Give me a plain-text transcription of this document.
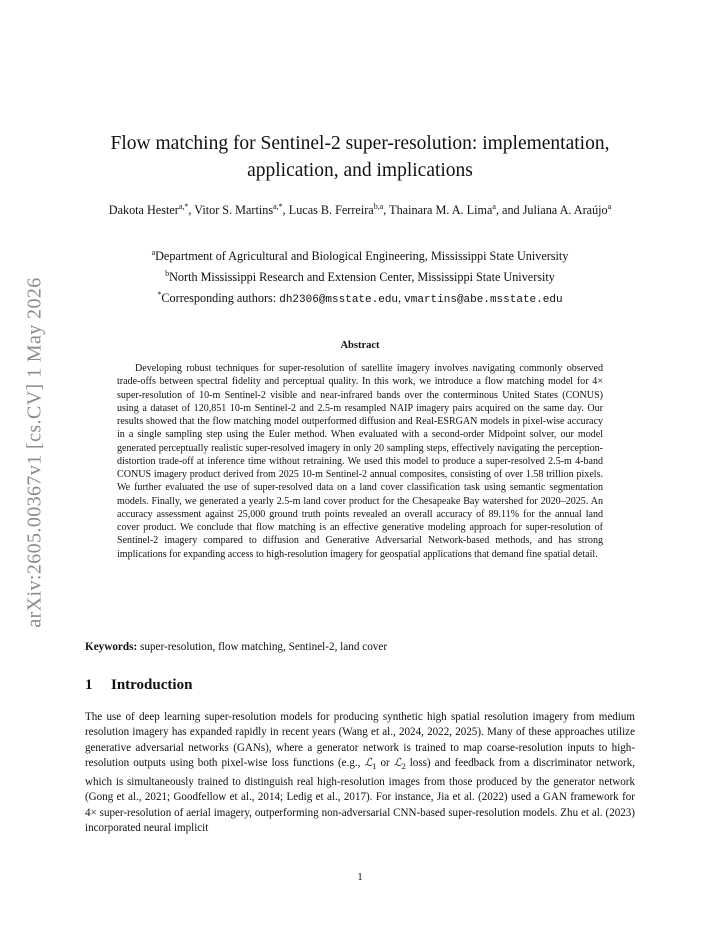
arXiv:2605.00367v1 [cs.CV] 1 May 2026
Flow matching for Sentinel-2 super-resolution: implementation, application, and implications
Dakota Hester$^{a,*}$, Vitor S. Martins$^{a,*}$, Lucas B. Ferreira$^{b,a}$, Thainara M. A. Lima$^a$, and Juliana A. Araújo$^a$
$^a$Department of Agricultural and Biological Engineering, Mississippi State University
$^b$North Mississippi Research and Extension Center, Mississippi State University
*Corresponding authors: dh2306@msstate.edu, vmartins@abe.msstate.edu
Abstract

Developing robust techniques for super-resolution of satellite imagery involves navigating commonly observed trade-offs between spectral fidelity and perceptual quality. In this work, we introduce a flow matching model for 4× super-resolution of 10-m Sentinel-2 visible and near-infrared bands over the conterminous United States (CONUS) using a dataset of 120,851 10-m Sentinel-2 and 2.5-m resampled NAIP imagery pairs acquired on the same day. Our results showed that the flow matching model outperformed diffusion and Real-ESRGAN models in pixel-wise accuracy in a single sampling step using the Euler method. When evaluated with a second-order Midpoint solver, our model generated perceptually realistic super-resolved imagery in only 20 sampling steps, effectively navigating the perception-distortion trade-off at inference time without retraining. We used this model to produce a super-resolved 2.5-m 4-band CONUS imagery product derived from 2025 10-m Sentinel-2 annual composites, consisting of over 1.58 trillion pixels. We further evaluated the use of super-resolved data on a land cover classification task using semantic segmentation models. Finally, we generated a yearly 2.5-m land cover product for the Chesapeake Bay watershed for 2020–2025. An accuracy assessment against 25,000 ground truth points revealed an overall accuracy of 89.11% for the annual land cover product. We conclude that flow matching is an effective generative modeling approach for super-resolution of Sentinel-2 imagery compared to diffusion and Generative Adversarial Network-based methods, and has strong implications for expanding access to high-resolution imagery for geospatial applications that demand fine spatial detail.

Keywords: super-resolution, flow matching, Sentinel-2, land cover
1 Introduction

The use of deep learning super-resolution models for producing synthetic high spatial resolution imagery from medium resolution imagery has expanded rapidly in recent years (Wang et al., 2024, 2022, 2025). Many of these approaches utilize generative adversarial networks (GANs), where a generator network is trained to map coarse-resolution inputs to high-resolution outputs using both pixel-wise loss functions (e.g., ℒ$_1$ or ℒ$_2$ loss) and feedback from a discriminator network, which is simultaneously trained to distinguish real high-resolution images from those produced by the generator network (Gong et al., 2021; Goodfellow et al., 2014; Ledig et al., 2017). For instance, Jia et al. (2022) used a GAN framework for 4× super-resolution of aerial imagery, outperforming non-adversarial CNN-based super-resolution models. Zhu et al. (2023) incorporated neural implicit

1
